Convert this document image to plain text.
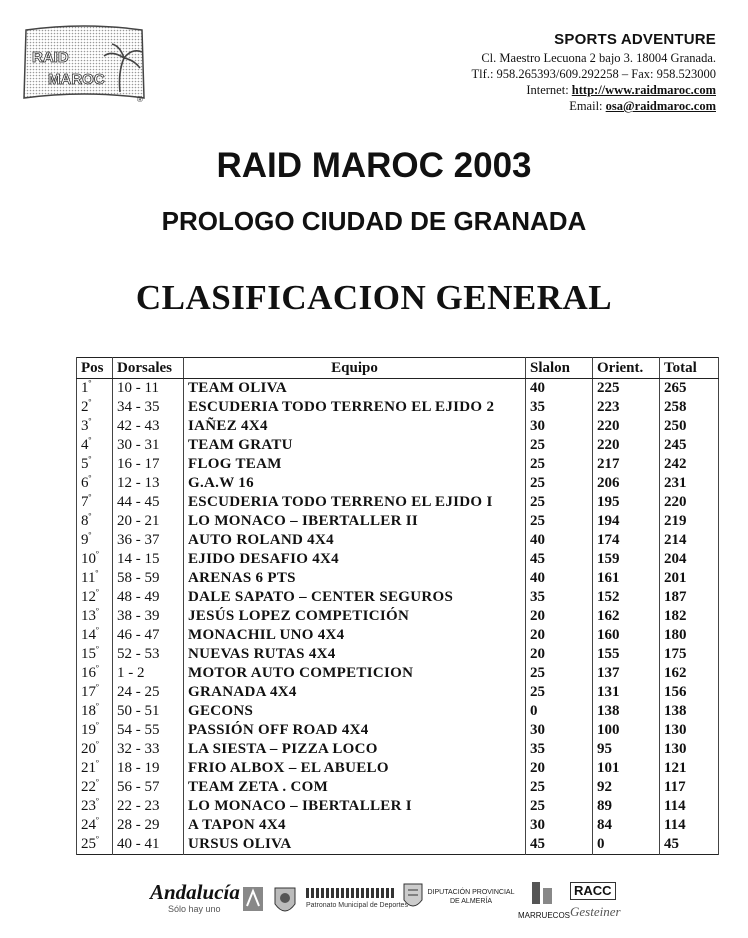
RAID
MAROC
®
SPORTS ADVENTURE
Cl. Maestro Lecuona 2 bajo 3. 18004 Granada.
Tlf.: 958.265393/609.292258 – Fax: 958.523000
Internet: http://www.raidmaroc.com
Email: osa@raidmaroc.com
RAID MAROC 2003
PROLOGO CIUDAD DE GRANADA
CLASIFICACION GENERAL
Pos	Dorsales	Equipo	Slalon	Orient.	Total
$1^º$	10 - 11	TEAM OLIVA	40	225	265
$2^º$	34 - 35	ESCUDERIA TODO TERRENO EL EJIDO 2	35	223	258
$3^º$	42 - 43	IAÑEZ 4X4	30	220	250
$4^º$	30 - 31	TEAM GRATU	25	220	245
$5^º$	16 - 17	FLOG TEAM	25	217	242
$6^º$	12 - 13	G.A.W 16	25	206	231
$7^º$	44 - 45	ESCUDERIA TODO TERRENO EL EJIDO I	25	195	220
$8^º$	20 - 21	LO MONACO – IBERTALLER II	25	194	219
$9^º$	36 - 37	AUTO ROLAND 4X4	40	174	214
$10^º$	14 - 15	EJIDO DESAFIO 4X4	45	159	204
$11^º$	58 - 59	ARENAS 6 PTS	40	161	201
$12^º$	48 - 49	DALE SAPATO – CENTER SEGUROS	35	152	187
$13^º$	38 - 39	JESÚS LOPEZ COMPETICIÓN	20	162	182
$14^º$	46 - 47	MONACHIL UNO 4X4	20	160	180
$15^º$	52 - 53	NUEVAS RUTAS 4X4	20	155	175
$16^º$	1 - 2	MOTOR AUTO COMPETICION	25	137	162
$17^º$	24 - 25	GRANADA 4X4	25	131	156
$18^º$	50 - 51	GECONS	0	138	138
$19^º$	54 - 55	PASSIÓN OFF ROAD 4X4	30	100	130
$20^º$	32 - 33	LA SIESTA – PIZZA LOCO	35	95	130
$21^º$	18 - 19	FRIO ALBOX – EL ABUELO	20	101	121
$22^º$	56 - 57	TEAM ZETA . COM	25	92	117
$23^º$	22 - 23	LO MONACO – IBERTALLER I	25	89	114
$24^º$	28 - 29	A TAPON 4X4	30	84	114
$25^º$	40 - 41	URSUS OLIVA	45	0	45
Andalucía
Sólo hay uno	Patronato Municipal de Deportes
DIPUTACIÓN PROVINCIAL DE ALMERÍA
MARRUECOS
RACC
Gesteiner
